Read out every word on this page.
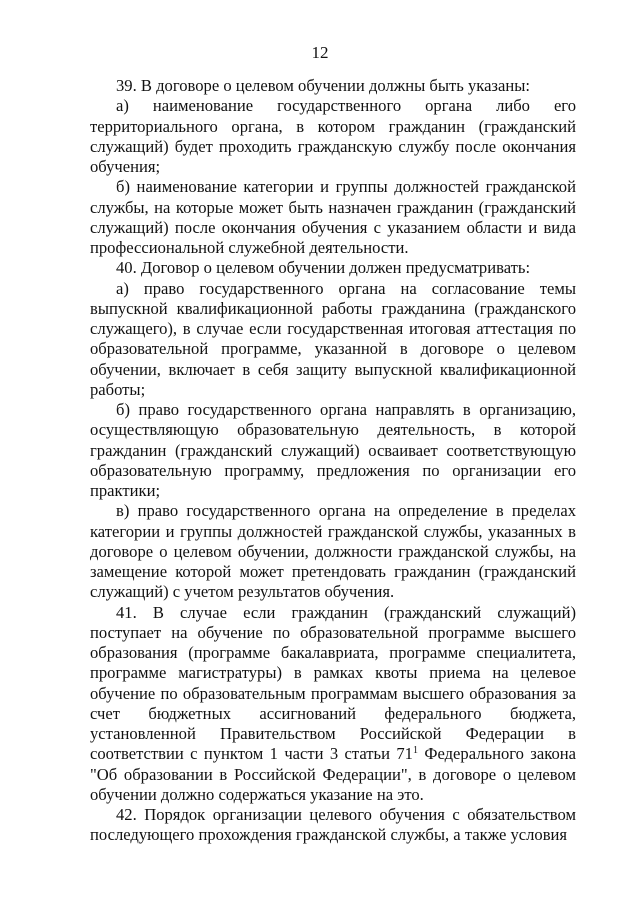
12

39. В договоре о целевом обучении должны быть указаны:

а) наименование государственного органа либо его территориального органа, в котором гражданин (гражданский служащий) будет проходить гражданскую службу после окончания обучения;

б) наименование категории и группы должностей гражданской службы, на которые может быть назначен гражданин (гражданский служащий) после окончания обучения с указанием области и вида профессиональной служебной деятельности.

40. Договор о целевом обучении должен предусматривать:

а) право государственного органа на согласование темы выпускной квалификационной работы гражданина (гражданского служащего), в случае если государственная итоговая аттестация по образовательной программе, указанной в договоре о целевом обучении, включает в себя защиту выпускной квалификационной работы;

б) право государственного органа направлять в организацию, осуществляющую образовательную деятельность, в которой гражданин (гражданский служащий) осваивает соответствующую образовательную программу, предложения по организации его практики;

в) право государственного органа на определение в пределах категории и группы должностей гражданской службы, указанных в договоре о целевом обучении, должности гражданской службы, на замещение которой может претендовать гражданин (гражданский служащий) с учетом результатов обучения.

41. В случае если гражданин (гражданский служащий) поступает на обучение по образовательной программе высшего образования (программе бакалавриата, программе специалитета, программе магистратуры) в рамках квоты приема на целевое обучение по образовательным программам высшего образования за счет бюджетных ассигнований федерального бюджета, установленной Правительством Российской Федерации в соответствии с пунктом 1 части 3 статьи $71^1$ Федерального закона "Об образовании в Российской Федерации", в договоре о целевом обучении должно содержаться указание на это.

42. Порядок организации целевого обучения с обязательством последующего прохождения гражданской службы, а также условия
